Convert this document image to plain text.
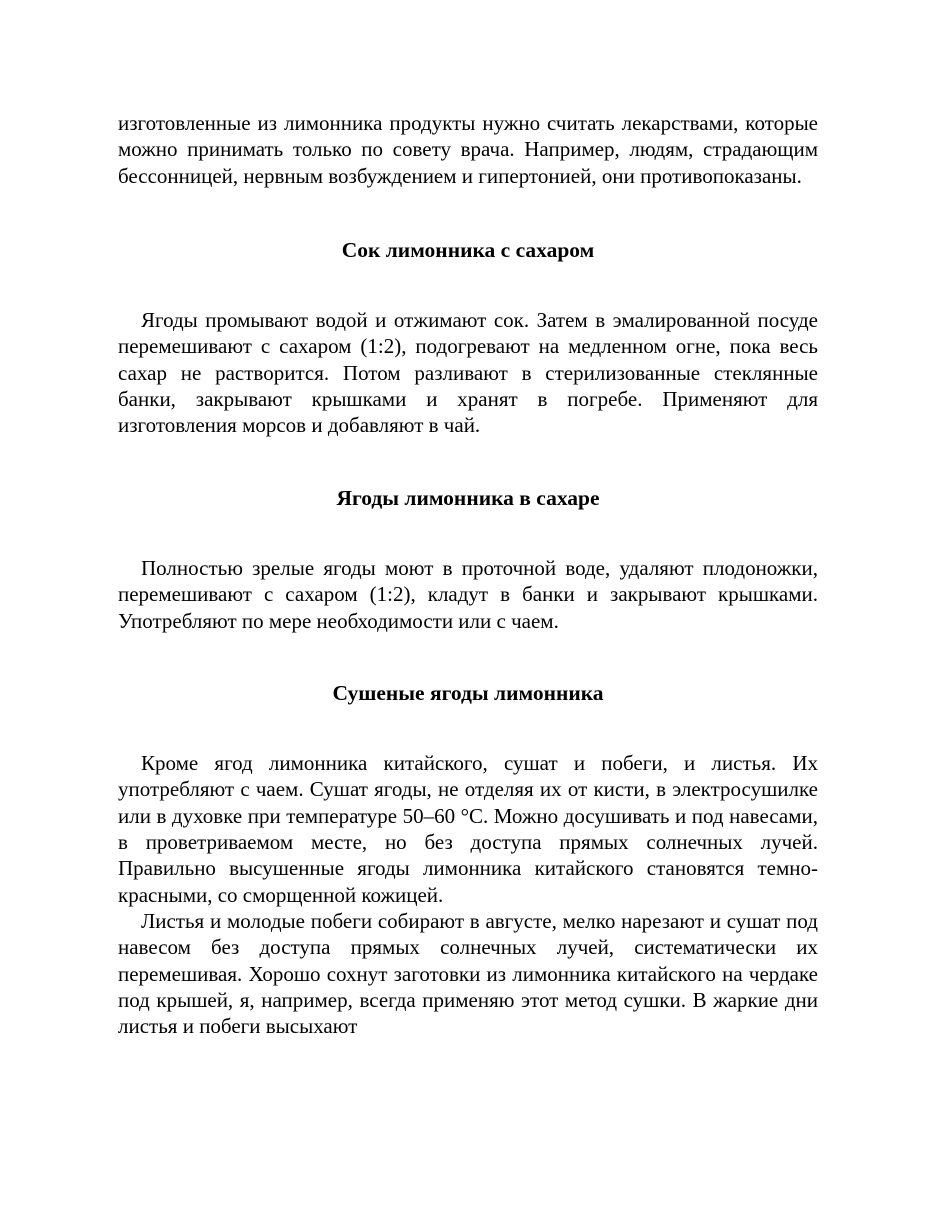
изготовленные из лимонника продукты нужно считать лекарствами, которые можно принимать только по совету врача. Например, людям, страдающим бессонницей, нервным возбуждением и гипертонией, они противопоказаны.

Сок лимонника с сахаром

Ягоды промывают водой и отжимают сок. Затем в эмалированной посуде перемешивают с сахаром (1:2), подогревают на медленном огне, пока весь сахар не растворится. Потом разливают в стерилизованные стеклянные банки, закрывают крышками и хранят в погребе. Применяют для изготовления морсов и добавляют в чай.

Ягоды лимонника в сахаре

Полностью зрелые ягоды моют в проточной воде, удаляют плодоножки, перемешивают с сахаром (1:2), кладут в банки и закрывают крышками. Употребляют по мере необходимости или с чаем.

Сушеные ягоды лимонника

Кроме ягод лимонника китайского, сушат и побеги, и листья. Их употребляют с чаем. Сушат ягоды, не отделяя их от кисти, в электросушилке или в духовке при температуре 50–60 °С. Можно досушивать и под навесами, в проветриваемом месте, но без доступа прямых солнечных лучей. Правильно высушенные ягоды лимонника китайского становятся темно-красными, со сморщенной кожицей.

Листья и молодые побеги собирают в августе, мелко нарезают и сушат под навесом без доступа прямых солнечных лучей, систематически их перемешивая. Хорошо сохнут заготовки из лимонника китайского на чердаке под крышей, я, например, всегда применяю этот метод сушки. В жаркие дни листья и побеги высыхают
